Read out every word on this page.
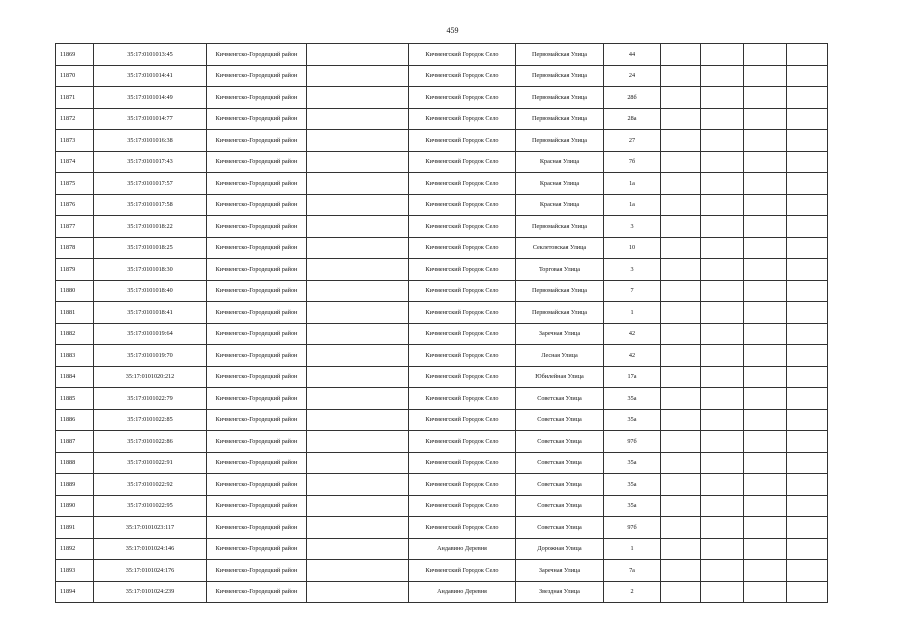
459
11869	35:17:0101013:45	Кичменгско-Городецкий район		Кичменгский Городок Село	Первомайская Улица	44				
11870	35:17:0101014:41	Кичменгско-Городецкий район		Кичменгский Городок Село	Первомайская Улица	24				
11871	35:17:0101014:49	Кичменгско-Городецкий район		Кичменгский Городок Село	Первомайская Улица	28б				
11872	35:17:0101014:77	Кичменгско-Городецкий район		Кичменгский Городок Село	Первомайская Улица	28а				
11873	35:17:0101016:38	Кичменгско-Городецкий район		Кичменгский Городок Село	Первомайская Улица	27				
11874	35:17:0101017:43	Кичменгско-Городецкий район		Кичменгский Городок Село	Красная Улица	7б				
11875	35:17:0101017:57	Кичменгско-Городецкий район		Кичменгский Городок Село	Красная Улица	1а				
11876	35:17:0101017:58	Кичменгско-Городецкий район		Кичменгский Городок Село	Красная Улица	1а				
11877	35:17:0101018:22	Кичменгско-Городецкий район		Кичменгский Городок Село	Первомайская Улица	3				
11878	35:17:0101018:25	Кичменгско-Городецкий район		Кичменгский Городок Село	Секлетовская Улица	10				
11879	35:17:0101018:30	Кичменгско-Городецкий район		Кичменгский Городок Село	Торговая Улица	3				
11880	35:17:0101018:40	Кичменгско-Городецкий район		Кичменгский Городок Село	Первомайская Улица	7				
11881	35:17:0101018:41	Кичменгско-Городецкий район		Кичменгский Городок Село	Первомайская Улица	1				
11882	35:17:0101019:64	Кичменгско-Городецкий район		Кичменгский Городок Село	Заречная Улица	42				
11883	35:17:0101019:70	Кичменгско-Городецкий район		Кичменгский Городок Село	Лесная Улица	42				
11884	35:17:0101020:212	Кичменгско-Городецкий район		Кичменгский Городок Село	Юбилейная Улица	17а				
11885	35:17:0101022:79	Кичменгско-Городецкий район		Кичменгский Городок Село	Советская Улица	35а				
11886	35:17:0101022:85	Кичменгско-Городецкий район		Кичменгский Городок Село	Советская Улица	35а				
11887	35:17:0101022:86	Кичменгско-Городецкий район		Кичменгский Городок Село	Советская Улица	97б				
11888	35:17:0101022:91	Кичменгско-Городецкий район		Кичменгский Городок Село	Советская Улица	35а				
11889	35:17:0101022:92	Кичменгско-Городецкий район		Кичменгский Городок Село	Советская Улица	35а				
11890	35:17:0101022:95	Кичменгско-Городецкий район		Кичменгский Городок Село	Советская Улица	35а				
11891	35:17:0101023:117	Кичменгско-Городецкий район		Кичменгский Городок Село	Советская Улица	97б				
11892	35:17:0101024:146	Кичменгско-Городецкий район		Андавино Деревня	Дорожная Улица	1				
11893	35:17:0101024:176	Кичменгско-Городецкий район		Кичменгский Городок Село	Заречная Улица	7а				
11894	35:17:0101024:239	Кичменгско-Городецкий район		Андавино Деревня	Звездная Улица	2				
